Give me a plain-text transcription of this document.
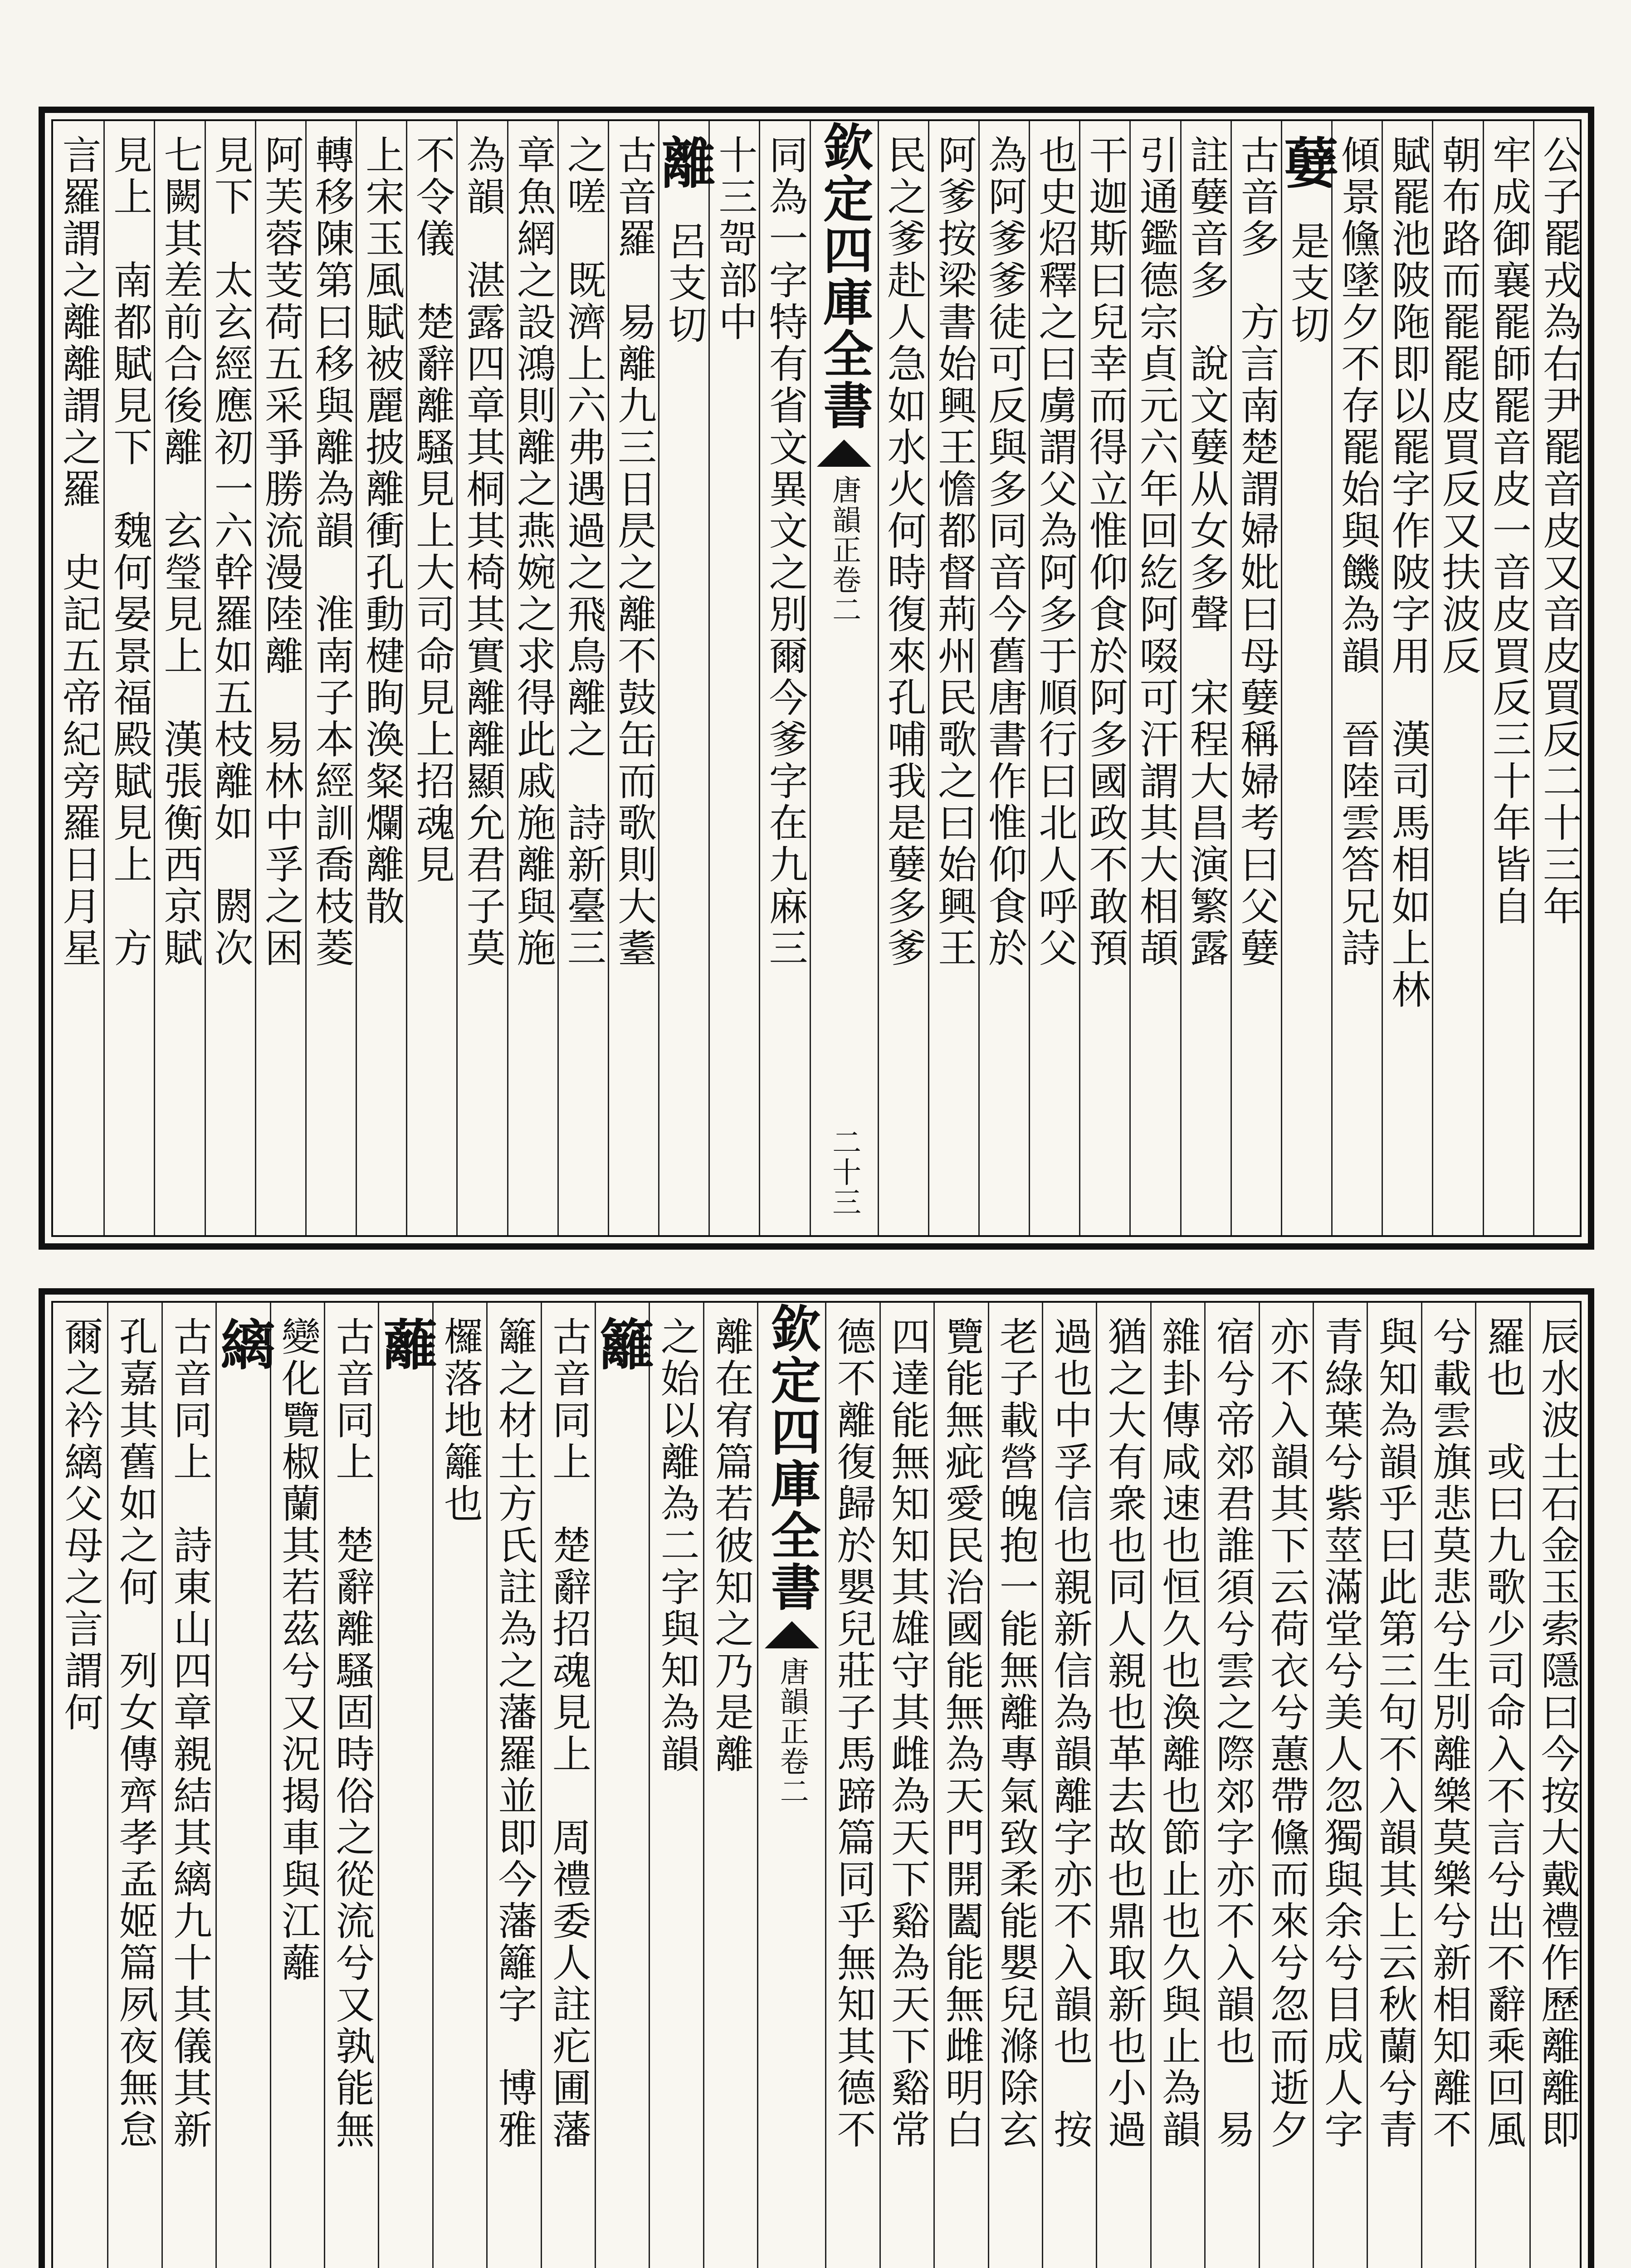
公子罷戎為右尹罷音皮又音皮買反二十三年
牢成御襄罷師罷音皮一音皮買反三十年皆自
朝布路而罷罷皮買反又扶波反
賦罷池陂陁即以罷字作陂字用　漢司馬相如上林
傾景儵墜夕不存罷始與饑為韻　晉陸雲答兄詩
㜸
是支切
古音多　方言南楚謂婦妣曰母㜸稱婦考曰父㜸
註㜸音多　說文㜸从女多聲　宋程大昌演繁露
引通鑑德宗貞元六年回紇阿啜可汗謂其大相頡
干迦斯曰兒幸而得立惟仰食於阿多國政不敢預
也史炤釋之曰虜謂父為阿多于順行曰北人呼父
為阿爹爹徒可反與多同音今舊唐書作惟仰食於
阿爹按梁書始興王憺都督荊州民歌之曰始興王
民之爹赴人急如水火何時復來孔哺我是㜸多爹
欽定四庫全書
唐韻正
卷二
二十三
同為一字特有省文異文之別爾今爹字在九麻三
十三哿部中
離
呂支切
古音羅　易離九三日昃之離不鼓缶而歌則大耋
之嗟　既濟上六弗遇過之飛鳥離之　詩新臺三
章魚網之設鴻則離之燕婉之求得此戚施離與施
為韻　湛露四章其桐其椅其實離離顯允君子莫
不令儀　楚辭離騷見上大司命見上招魂見
上宋玉風賦被麗披離衝孔動楗眴渙粲爛離散
轉移陳第曰移與離為韻　淮南子本經訓喬枝菱
阿芙蓉芰荷五采爭勝流漫陸離　易林中孚之困
見下　太玄經應初一六幹羅如五枝離如　閼次
七闕其差前合後離　玄瑩見上　漢張衡西京賦
見上　南都賦見下　魏何晏景福殿賦見上　方
言羅謂之離離謂之羅　史記五帝紀旁羅日月星
辰水波土石金玉索隱曰今按大戴禮作歷離離即
羅也　或曰九歌少司命入不言兮出不辭乘回風
兮載雲旗悲莫悲兮生別離樂莫樂兮新相知離不
與知為韻乎曰此第三句不入韻其上云秋蘭兮青
青綠葉兮紫莖滿堂兮美人忽獨與余兮目成人字
亦不入韻其下云荷衣兮蕙帶儵而來兮忽而逝夕
宿兮帝郊君誰須兮雲之際郊字亦不入韻也　易
雜卦傳咸速也恒久也渙離也節止也久與止為韻
猶之大有衆也同人親也革去故也鼎取新也小過
過也中孚信也親新信為韻離字亦不入韻也　按
老子載營魄抱一能無離專氣致柔能嬰兒滌除玄
覽能無疵愛民治國能無為天門開闔能無雌明白
四達能無知知其雄守其雌為天下谿為天下谿常
德不離復歸於嬰兒莊子馬蹄篇同乎無知其德不
欽定四庫全書
唐韻正
卷二
離在宥篇若彼知之乃是離
之始以離為二字與知為韻
籬
古音同上　楚辭招魂見上　周禮委人註疕圃藩
籬之材土方氏註為之藩羅並即今藩籬字　博雅
欏落地籬也
蘺
古音同上　楚辭離騷固時俗之從流兮又孰能無
變化覽椒蘭其若茲兮又況揭車與江蘺
縭
古音同上　詩東山四章親結其縭九十其儀其新
孔嘉其舊如之何　列女傳齊孝孟姬篇夙夜無怠
爾之衿縭父母之言謂何
